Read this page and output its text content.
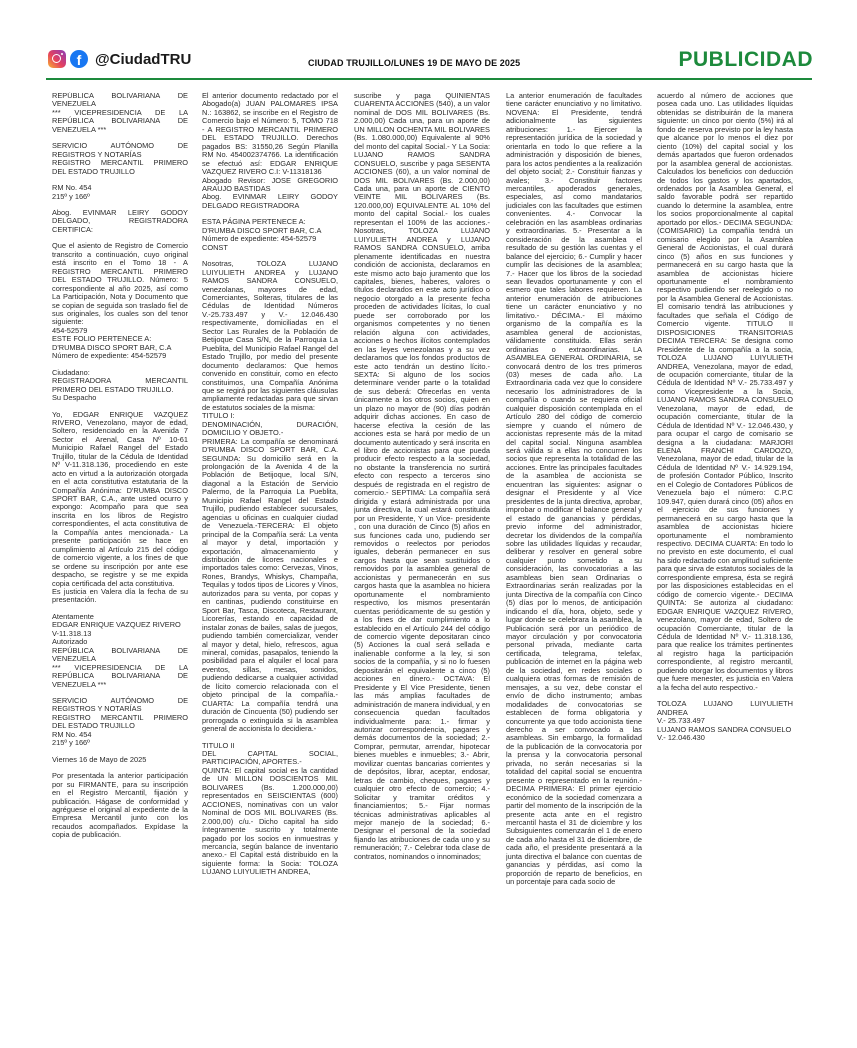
f @CiudadTRU	CIUDAD TRUJILLO/LUNES 19 DE MAYO DE 2025	PUBLICIDAD

REPÚBLICA BOLIVARIANA DE VENEZUELA
*** VICEPRESIDENCIA DE LA REPÚBLICA BOLIVARIANA DE VENEZUELA ***

SERVICIO AUTÓNOMO DE REGISTROS Y NOTARÍAS
REGISTRO MERCANTIL PRIMERO DEL ESTADO TRUJILLO

RM No. 454
215º y 166º

Abog. EVINMAR LEIRY GODOY DELGADO, REGISTRADORA CERTIFICA:

Que el asiento de Registro de Comercio transcrito a continuación, cuyo original está inscrito en el Tomo 18 - A REGISTRO MERCANTIL PRIMERO DEL ESTADO TRUJILLO. Número: 5 correspondiente al año 2025, así como La Participación, Nota y Documento que se copian de seguida son traslado fiel de sus originales, los cuales son del tenor siguiente:
454-52579
ESTE FOLIO PERTENECE A:
D'RUMBA DISCO SPORT BAR, C.A
Número de expediente: 454-52579

Ciudadano:
REGISTRADORA MERCANTIL PRIMERO DEL ESTADO TRUJILLO.
Su Despacho

Yo, EDGAR ENRIQUE VAZQUEZ RIVERO, Venezolano, mayor de edad, Soltero, residenciado en la Avenida 7 Sector el Arenal, Casa Nº 10-61 Municipio Rafael Rangel del Estado Trujillo, titular de la Cédula de Identidad Nº V-11.318.136, procediendo en este acto en virtud a la autorización otorgada en el acta constitutiva estatutaria de la Compañía Anónima: D'RUMBA DISCO SPORT BAR, C.A., ante usted ocurro y expongo: Acompaño para que sea inscrita en los libros de Registro correspondientes, el acta constitutiva de la Compañía antes mencionada.- La presente participación se hace en cumplimiento al Artículo 215 del código de comercio vigente, a los fines de que se ordene su inscripción por ante ese despacho, se registre y se me expida copia certificada del acta constitutiva.
Es justicia en Valera día la fecha de su presentación.

Atentamente
EDGAR ENRIQUE VAZQUEZ RIVERO
V-11.318.13
Autorizado
REPÚBLICA BOLIVARIANA DE VENEZUELA
*** VICEPRESIDENCIA DE LA REPÚBLICA BOLIVARIANA DE VENEZUELA ***

SERVICIO AUTÓNOMO DE REGISTROS Y NOTARÍAS
REGISTRO MERCANTIL PRIMERO DEL ESTADO TRUJILLO
RM No. 454
215º y 166º

Viernes 16 de Mayo de 2025

Por presentada la anterior participación por su FIRMANTE, para su inscripción en el Registro Mercantil, fijación y publicación. Hágase de conformidad y agréguese el original al expediente de la Empresa Mercantil junto con los recaudos acompañados. Expídase la copia de publicación.

El anterior documento redactado por el Abogado(a) JUAN PALOMARES IPSA N.: 163862, se inscribe en el Registro de Comercio bajo el Número: 5, TOMO 718 - A REGISTRO MERCANTIL PRIMERO DEL ESTADO TRUJILLO. Derechos pagados BS: 31550,26 Según Planilla RM No. 454002374766. La identificación se efectuó así: EDGAR ENRIQUE VAZQUEZ RIVERO C.I: V-11318136
Abogado Revisor: JOSE GREGORIO ARAUJO BASTIDAS
Abog. EVINMAR LEIRY GODOY DELGADO REGISTRADORA

ESTA PÁGINA PERTENECE A:
D'RUMBA DISCO SPORT BAR, C.A
Número de expediente: 454-52579
CONST

Nosotras, TOLOZA LUJANO LUIYULIETH ANDREA y LUJANO RAMOS SANDRA CONSUELO, venezolanas, mayores de edad, Comerciantes, Solteras, titulares de las Cédulas de Identidad Números V.-25.733.497 y V.- 12.046.430 respectivamente, domiciliadas en el Sector Las Rurales de la Población de Betijoque Casa S/N, de la Parroquia La Pueblita, del Municipio Rafael Rangel del Estado Trujillo, por medio del presente documento declaramos: Que hemos convenido en constituir, como en efecto constituimos, una Compañía Anónima que se regirá por las siguientes cláusulas ampliamente redactadas para que sirvan de estatutos sociales de la misma:
TITULO I:
DENOMINACIÓN, DURACIÓN, DOMICILIO Y OBJETO.-
PRIMERA: La compañía se denominará D'RUMBA DISCO SPORT BAR, C.A. SEGUNDA: Su domicilio será en la prolongación de la Avenida 4 de la Población de Betijoque, local S/N, diagonal a la Estación de Servicio Palermo, de la Parroquia La Pueblita, Municipio Rafael Rangel del Estado Trujillo, pudiendo establecer sucursales, agencias u oficinas en cualquier ciudad de Venezuela.-TERCERA: El objeto principal de la Compañía será: La venta al mayor y detal, importación y exportación, almacenamiento y distribución de licores nacionales e importados tales como: Cervezas, Vinos, Rones, Brandys, Whiskys, Champaña, Tequilas y todos tipos de Licores y Vinos, autorizados para su venta, por copas y en cantinas, pudiendo constituirse en Sport Bar, Tasca, Discoteca, Restaurant, Licorerías, estando en capacidad de instalar zonas de bailes, salas de juegos, pudiendo también comercializar, vender al mayor y detal, hielo, refrescos, agua mineral, comidas, pasapalos, teniendo la posibilidad para el alquiler el local para eventos, sillas, mesas, sonidos, pudiendo dedicarse a cualquier actividad de lícito comercio relacionada con el objeto principal de la compañía.- CUARTA: La compañía tendrá una duración de Cincuenta (50) pudiendo ser prorrogada o extinguida si la asamblea general de accionista lo decidiera.-

TITULO II
DEL CAPITAL SOCIAL, PARTICIPACIÓN, APORTES.-
QUINTA: El capital social es la cantidad de UN MILLON DOSCIENTOS MIL BOLIVARES (Bs. 1.200.000,00) representados en SEISCIENTAS (600) ACCIONES, nominativas con un valor Nominal de DOS MIL BOLIVARES (Bs. 2.000,00) c/u.- Dicho capital ha sido íntegramente suscrito y totalmente pagado por los socios en inmuestras y mercancía, según balance de inventario anexo.- El Capital está distribuido en la siguiente forma: la Socia: TOLOZA LUJANO LUIYULIETH ANDREA,

suscribe y paga QUINIENTAS CUARENTA ACCIONES (540), a un valor nominal de DOS MIL BOLIVARES (Bs. 2.000,00) Cada una, para un aporte de UN MILLON OCHENTA MIL BOLIVARES (Bs. 1.080.000,00) Equivalente al 90% del monto del capital Social.- Y La Socia: LUJANO RAMOS SANDRA CONSUELO, suscribe y paga SESENTA ACCIONES (60), a un valor nominal de DOS MIL BOLIVARES (Bs. 2.000,00) Cada una, para un aporte de CIENTO VEINTE MIL BOLIVARES (Bs. 120.000,00) EQUIVALENTE AL 10% del monto del capital Social.- los cuales representan el 100% de las acciones.- Nosotras, TOLOZA LUJANO LUIYULIETH ANDREA y LUJANO RAMOS SANDRA CONSUELO, arriba plenamente identificadas en nuestra condición de accionista, declaramos en este mismo acto bajo juramento que los capitales, bienes, haberes, valores o títulos declarados en este acto jurídico o negocio otorgado a la presente fecha proceden de actividades lícitas, lo cual puede ser corroborado por los organismos competentes y no tienen relación alguna con actividades, acciones o hechos ilícitos contemplados en las leyes venezolanas y a su vez declaramos que los fondos productos de este acto tendrán un destino lícito.- SEXTA: Si alguno de los socios determinare vender parte o la totalidad de sus deberá: Ofrecerlas en venta únicamente a los otros socios, quien en un plazo no mayor de (90) días podrán adquirir dichas acciones. En caso de hacerse efectiva la cesión de las acciones esta se hará por medio de un documento autenticado y será inscrita en el libro de accionistas para que pueda producir efecto respecto a la sociedad, no obstante la transferencia no surtirá efecto con respecto a terceros sino después de registrada en el registro de comercio.- SEPTIMA: La compañía será dirigida y estará administrada por una junta directiva, la cual estará constituida por un Presidente, Y un Vice- presidente , con una duración de Cinco (5) años en sus funciones cada uno, pudiendo ser removidos o reelectos por periodos iguales, deberán permanecer en sus cargos hasta que sean sustituidos o removidos por la asamblea general de accionistas y permanecerán en sus cargos hasta que la asamblea no hiciera oportunamente el nombramiento respectivo, los mismos presentarán cuentas periódicamente de su gestión y a los fines de dar cumplimiento a lo establecido en el Artículo 244 del código de comercio vigente depositaran cinco (5) Acciones la cual será sellada e inalienable conforme a la ley, si son socios de la compañía, y si no lo fuesen depositarán el equivalente a cinco (5) acciones en dinero.- OCTAVA: El Presidente y El Vice Presidente, tienen las más amplias facultades de administración de manera individual, y en consecuencia quedan facultados individualmente para: 1.- firmar y autorizar correspondencia, pagares y demás documentos de la sociedad; 2.- Comprar, permutar, arrendar, hipotecar bienes muebles e inmuebles; 3.- Abrir, movilizar cuentas bancarias corrientes y de depósitos, librar, aceptar, endosar, letras de cambio, cheques, pagares y cualquier otro efecto de comercio; 4.- Solicitar y tramitar créditos y financiamientos; 5.- Fijar normas técnicas administrativas aplicables al mejor manejo de la sociedad; 6.- Designar el personal de la sociedad fijando las atribuciones de cada uno y su remuneración; 7.- Celebrar toda clase de contratos, nominandos o innominados;

La anterior enumeración de facultades tiene carácter enunciativo y no limitativo. NOVENA: El Presidente, tendrá adicionalmente las siguientes atribuciones: 1.- Ejercer la representación jurídica de la sociedad y orientarla en todo lo que refiere a la administración y disposición de bienes, para los actos pendientes a la realización del objeto social; 2.- Constituir fianzas y avales; 3.- Constituir factores mercantiles, apoderados generales, especiales, así como mandatarios judiciales con las facultades que estimen convenientes. 4.- Convocar la celebración en las asambleas ordinarias y extraordinarias. 5.- Presentar a la consideración de la asamblea el resultado de su gestión las cuentas y el balance del ejercicio; 6.- Cumplir y hacer cumplir las decisiones de la asamblea; 7.- Hacer que los libros de la sociedad sean llevados oportunamente y con el esmero que tales labores requieren. La anterior enumeración de atribuciones tiene un carácter enunciativo y no limitativo.- DÉCIMA.- El máximo organismo de la compañía es la asamblea general de accionistas, válidamente constituida. Ellas serán ordinarias o extraordinarias. LA ASAMBLEA GENERAL ORDINARIA, se convocará dentro de los tres primeros (03) meses de cada año. La Extraordinaria cada vez que lo considere necesario los administradores de la compañía o cuando se requiera oficial cualquier disposición contemplada en el Artículo 280 del código de comercio siempre y cuando el número de accionistas represente más de la mitad del capital social. Ninguna asamblea será válida si a ellas no concurren los socios que representa la totalidad de las acciones. Entre las principales facultades de la asamblea de accionista se encuentran las siguientes: asignar o designar el Presidente y al Vice presidentes de la junta directiva, aprobar, improbar o modificar el balance general y el estado de ganancias y pérdidas, previo informe del administrador, decretar los dividendos de la compañía sobre las utilidades líquidas y recaudar, deliberar y resolver en general sobre cualquier punto sometido a su consideración, las convocatorias a las asambleas bien sean Ordinarias o Extraordinarias serán realizadas por la junta Directiva de la compañía con Cinco (5) días por lo menos, de anticipación indicando el día, hora, objeto, sede y lugar donde se celebrara la asamblea, la Publicación será por un periódico de mayor circulación y por convocatoria personal privada, mediante carta certificada, telegrama, telefax, publicación de internet en la página web de la sociedad, en redes sociales o cualquiera otras formas de remisión de mensajes, a su vez, debe constar el envío de dicho instrumento; ambas modalidades de convocatorias se establecen de forma obligatoria y concurrente ya que todo accionista tiene derecho a ser convocado a las asambleas. Sin embargo, la formalidad de la publicación de la convocatoria por la prensa y la convocatoria personal privada, no serán necesarias si la totalidad del capital social se encuentra presente o representado en la reunión.- DECIMA PRIMERA: El primer ejercicio económico de la sociedad comenzara a partir del momento de la inscripción de la presente acta ante en el registro mercantil hasta el 31 de diciembre y los Subsiguientes comenzarán el 1 de enero de cada año hasta el 31 de diciembre, de cada año, el presidente presentará a la junta directiva el balance con cuentas de ganancias y pérdidas, así como la proporción de reparto de beneficios, en un porcentaje para cada socio de

acuerdo al número de acciones que posea cada uno. Las utilidades líquidas obtenidas se distribuirán de la manera siguiente: un cinco por ciento (5%) irá al fondo de reserva previsto por la ley hasta que alcance por lo menos el diez por ciento (10%) del capital social y los demás apartados que fueron ordenados por la asamblea general de accionistas. Calculados los beneficios con deducción de todos los gastos y los apartados, ordenados por la Asamblea General, el saldo favorable podrá ser repartido cuando lo determine la asamblea, entre los socios proporcionalmente al capital aportado por ellos.- DECIMA SEGUNDA: (COMISARIO) La compañía tendrá un comisario elegido por la Asamblea General de Accionistas, el cual durará cinco (5) años en sus funciones y permanecerá en su cargo hasta que la asamblea de accionistas hiciere oportunamente el nombramiento respectivo pudiendo ser reelegido o no por la Asamblea General de Accionistas. El comisario tendrá las atribuciones y facultades que señala el Código de Comercio vigente. TITULO II DISPOSICIONES TRANSITORIAS DECIMA TERCERA: Se designa como Presidente de la compañía a la socia, TOLOZA LUJANO LUIYULIETH ANDREA, Venezolana, mayor de edad, de ocupación comerciante, titular de la Cédula de Identidad Nº V.- 25.733.497 y como Vicepresidente a la Socia, LUJANO RAMOS SANDRA CONSUELO Venezolana, mayor de edad, de ocupación comerciante, titular de la Cédula de Identidad Nº V.- 12.046.430, y para ocupar el cargo de comisario se designa a la ciudadana: MARJORI ELENA FRANCHI CARDOZO, Venezolana, mayor de edad, titular de la Cédula de Identidad Nº V.- 14.929.194, de profesión Contador Público, Inscrito en el Colegio de Contadores Públicos de Venezuela bajo el número: C.P.C 109.947, quien durará cinco (05) años en el ejercicio de sus funciones y permanecerá en su cargo hasta que la asamblea de accionistas hiciere oportunamente el nombramiento respectivo. DECIMA CUARTA: En todo lo no previsto en este documento, el cual ha sido redactado con amplitud suficiente para que sirva de estatutos sociales de la correspondiente empresa, ésta se regirá por las disposiciones establecidas en el código de comercio vigente.- DECIMA QUINTA: Se autoriza al ciudadano: EDGAR ENRIQUE VAZQUEZ RIVERO, venezolano, mayor de edad, Soltero de ocupación Comerciante, titular de la Cédula de Identidad Nº V.- 11.318.136, para que realice los trámites pertinentes al registro haga la participación correspondiente, al registro mercantil, pudiendo otorgar los documentos y libros que fuere menester, es justicia en Valera a la fecha del auto respectivo.-

TOLOZA LUJANO LUIYULIETH ANDREA
V.- 25.733.497
LUJANO RAMOS SANDRA CONSUELO
V.- 12.046.430
